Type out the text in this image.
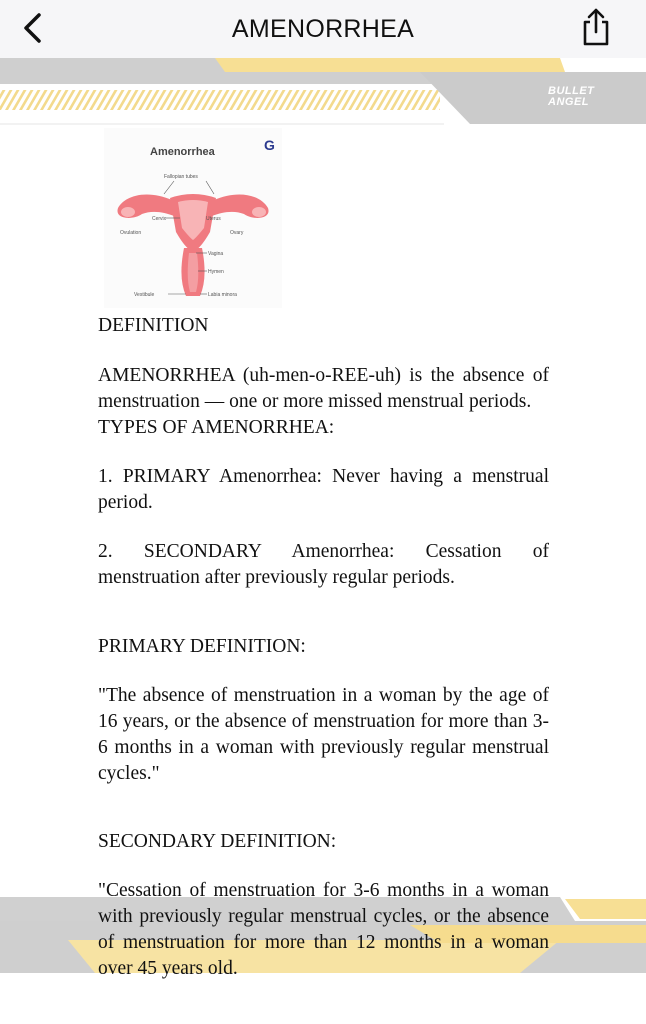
AMENORRHEA
BULLET
ANGEL
Amenorrhea	G
Fallopian tubes
Cervix	Uterus
Ovulation	Ovary
Vagina
Hymen
Vestibule	Labia minora

DEFINITION

AMENORRHEA (uh-men-o-REE-uh) is the absence of menstruation — one or more missed menstrual periods.

TYPES OF AMENORRHEA:

1. PRIMARY Amenorrhea: Never having a menstrual period.

2. SECONDARY Amenorrhea: Cessation of menstruation after previously regular periods.

PRIMARY DEFINITION:

"The absence of menstruation in a woman by the age of 16 years, or the absence of menstruation for more than 3-6 months in a woman with previously regular menstrual cycles."

SECONDARY DEFINITION:

"Cessation of menstruation for 3-6 months in a woman with previously regular menstrual cycles, or the absence of menstruation for more than 12 months in a woman over 45 years old.
